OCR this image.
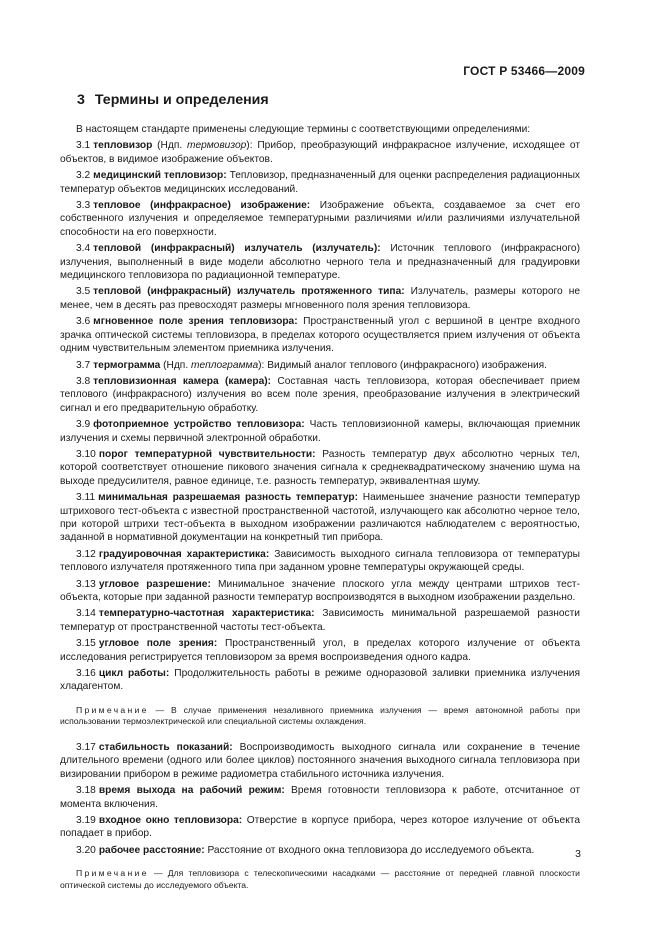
ГОСТ Р 53466—2009
3 Термины и определения

В настоящем стандарте применены следующие термины с соответствующими определениями:

3.1 тепловизор (Ндп. термовизор): Прибор, преобразующий инфракрасное излучение, исходящее от объектов, в видимое изображение объектов.

3.2 медицинский тепловизор: Тепловизор, предназначенный для оценки распределения радиационных температур объектов медицинских исследований.

3.3 тепловое (инфракрасное) изображение: Изображение объекта, создаваемое за счет его собственного излучения и определяемое температурными различиями и/или различиями излучательной способности на его поверхности.

3.4 тепловой (инфракрасный) излучатель (излучатель): Источник теплового (инфракрасного) излучения, выполненный в виде модели абсолютно черного тела и предназначенный для градуировки медицинского тепловизора по радиационной температуре.

3.5 тепловой (инфракрасный) излучатель протяженного типа: Излучатель, размеры которого не менее, чем в десять раз превосходят размеры мгновенного поля зрения тепловизора.

3.6 мгновенное поле зрения тепловизора: Пространственный угол с вершиной в центре входного зрачка оптической системы тепловизора, в пределах которого осуществляется прием излучения от объекта одним чувствительным элементом приемника излучения.

3.7 термограмма (Ндп. теплограмма): Видимый аналог теплового (инфракрасного) изображения.

3.8 тепловизионная камера (камера): Составная часть тепловизора, которая обеспечивает прием теплового (инфракрасного) излучения во всем поле зрения, преобразование излучения в электрический сигнал и его предварительную обработку.

3.9 фотоприемное устройство тепловизора: Часть тепловизионной камеры, включающая приемник излучения и схемы первичной электронной обработки.

3.10 порог температурной чувствительности: Разность температур двух абсолютно черных тел, которой соответствует отношение пикового значения сигнала к среднеквадратическому значению шума на выходе предусилителя, равное единице, т.е. разность температур, эквивалентная шуму.

3.11 минимальная разрешаемая разность температур: Наименьшее значение разности температур штрихового тест-объекта с известной пространственной частотой, излучающего как абсолютно черное тело, при которой штрихи тест-объекта в выходном изображении различаются наблюдателем с вероятностью, заданной в нормативной документации на конкретный тип прибора.

3.12 градуировочная характеристика: Зависимость выходного сигнала тепловизора от температуры теплового излучателя протяженного типа при заданном уровне температуры окружающей среды.

3.13 угловое разрешение: Минимальное значение плоского угла между центрами штрихов тест-объекта, которые при заданной разности температур воспроизводятся в выходном изображении раздельно.

3.14 температурно-частотная характеристика: Зависимость минимальной разрешаемой разности температур от пространственной частоты тест-объекта.

3.15 угловое поле зрения: Пространственный угол, в пределах которого излучение от объекта исследования регистрируется тепловизором за время воспроизведения одного кадра.

3.16 цикл работы: Продолжительность работы в режиме одноразовой заливки приемника излучения хладагентом.

Примечание — В случае применения незаливного приемника излучения — время автономной работы при использовании термоэлектрической или специальной системы охлаждения.

3.17 стабильность показаний: Воспроизводимость выходного сигнала или сохранение в течение длительного времени (одного или более циклов) постоянного значения выходного сигнала тепловизора при визировании прибором в режиме радиометра стабильного источника излучения.

3.18 время выхода на рабочий режим: Время готовности тепловизора к работе, отсчитанное от момента включения.

3.19 входное окно тепловизора: Отверстие в корпусе прибора, через которое излучение от объекта попадает в прибор.

3.20 рабочее расстояние: Расстояние от входного окна тепловизора до исследуемого объекта.

Примечание — Для тепловизора с телескопическими насадками — расстояние от передней главной плоскости оптической системы до исследуемого объекта.

3
